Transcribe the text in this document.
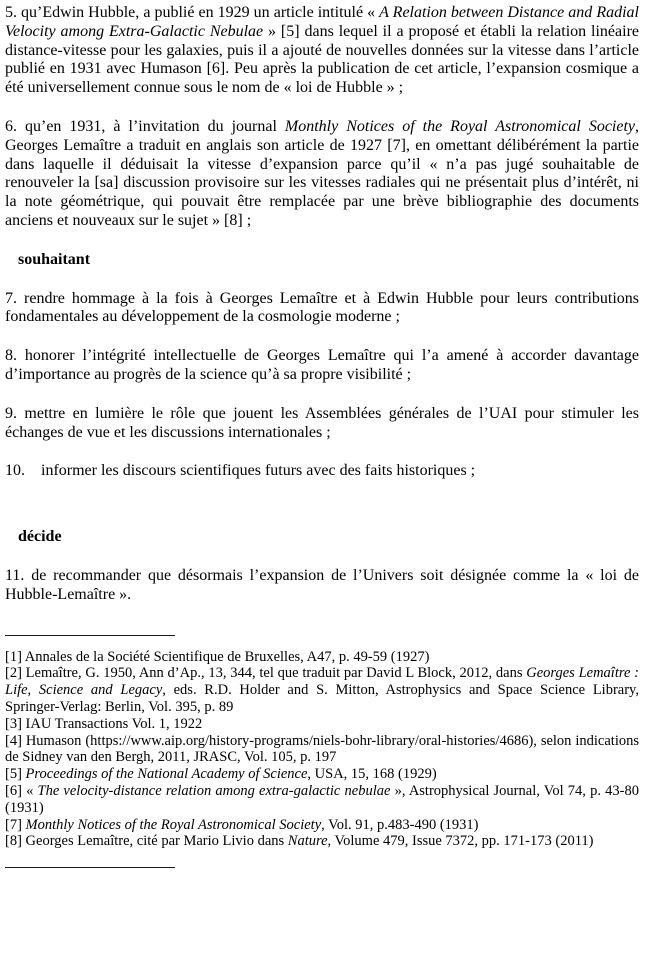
5. qu’Edwin Hubble, a publié en 1929 un article intitulé « A Relation between Distance and Radial Velocity among Extra-Galactic Nebulae » [5] dans lequel il a proposé et établi la relation linéaire distance-vitesse pour les galaxies, puis il a ajouté de nouvelles données sur la vitesse dans l’article publié en 1931 avec Humason [6]. Peu après la publication de cet article, l’expansion cosmique a été universellement connue sous le nom de « loi de Hubble » ;

6. qu’en 1931, à l’invitation du journal Monthly Notices of the Royal Astronomical Society, Georges Lemaître a traduit en anglais son article de 1927 [7], en omettant délibérément la partie dans laquelle il déduisait la vitesse d’expansion parce qu’il « n’a pas jugé souhaitable de renouveler la [sa] discussion provisoire sur les vitesses radiales qui ne présentait plus d’intérêt, ni la note géométrique, qui pouvait être remplacée par une brève bibliographie des documents anciens et nouveaux sur le sujet » [8] ;

souhaitant

7. rendre hommage à la fois à Georges Lemaître et à Edwin Hubble pour leurs contributions fondamentales au développement de la cosmologie moderne ;

8. honorer l’intégrité intellectuelle de Georges Lemaître qui l’a amené à accorder davantage d’importance au progrès de la science qu’à sa propre visibilité ;

9. mettre en lumière le rôle que jouent les Assemblées générales de l’UAI pour stimuler les échanges de vue et les discussions internationales ;

10.    informer les discours scientifiques futurs avec des faits historiques ;

décide

11. de recommander que désormais l’expansion de l’Univers soit désignée comme la « loi de Hubble-Lemaître ».

[1] Annales de la Société Scientifique de Bruxelles, A47, p. 49-59 (1927)

[2] Lemaître, G. 1950, Ann d’Ap., 13, 344, tel que traduit par David L Block, 2012, dans Georges Lemaître : Life, Science and Legacy, eds. R.D. Holder and S. Mitton, Astrophysics and Space Science Library, Springer-Verlag: Berlin, Vol. 395, p. 89

[3] IAU Transactions Vol. 1, 1922

[4] Humason (https://www.aip.org/history-programs/niels-bohr-library/oral-histories/4686), selon indications de Sidney van den Bergh, 2011, JRASC, Vol. 105, p. 197

[5] Proceedings of the National Academy of Science, USA, 15, 168 (1929)

[6] « The velocity-distance relation among extra-galactic nebulae », Astrophysical Journal, Vol 74, p. 43-80 (1931)

[7] Monthly Notices of the Royal Astronomical Society, Vol. 91, p.483-490 (1931)

[8] Georges Lemaître, cité par Mario Livio dans Nature, Volume 479, Issue 7372, pp. 171-173 (2011)
